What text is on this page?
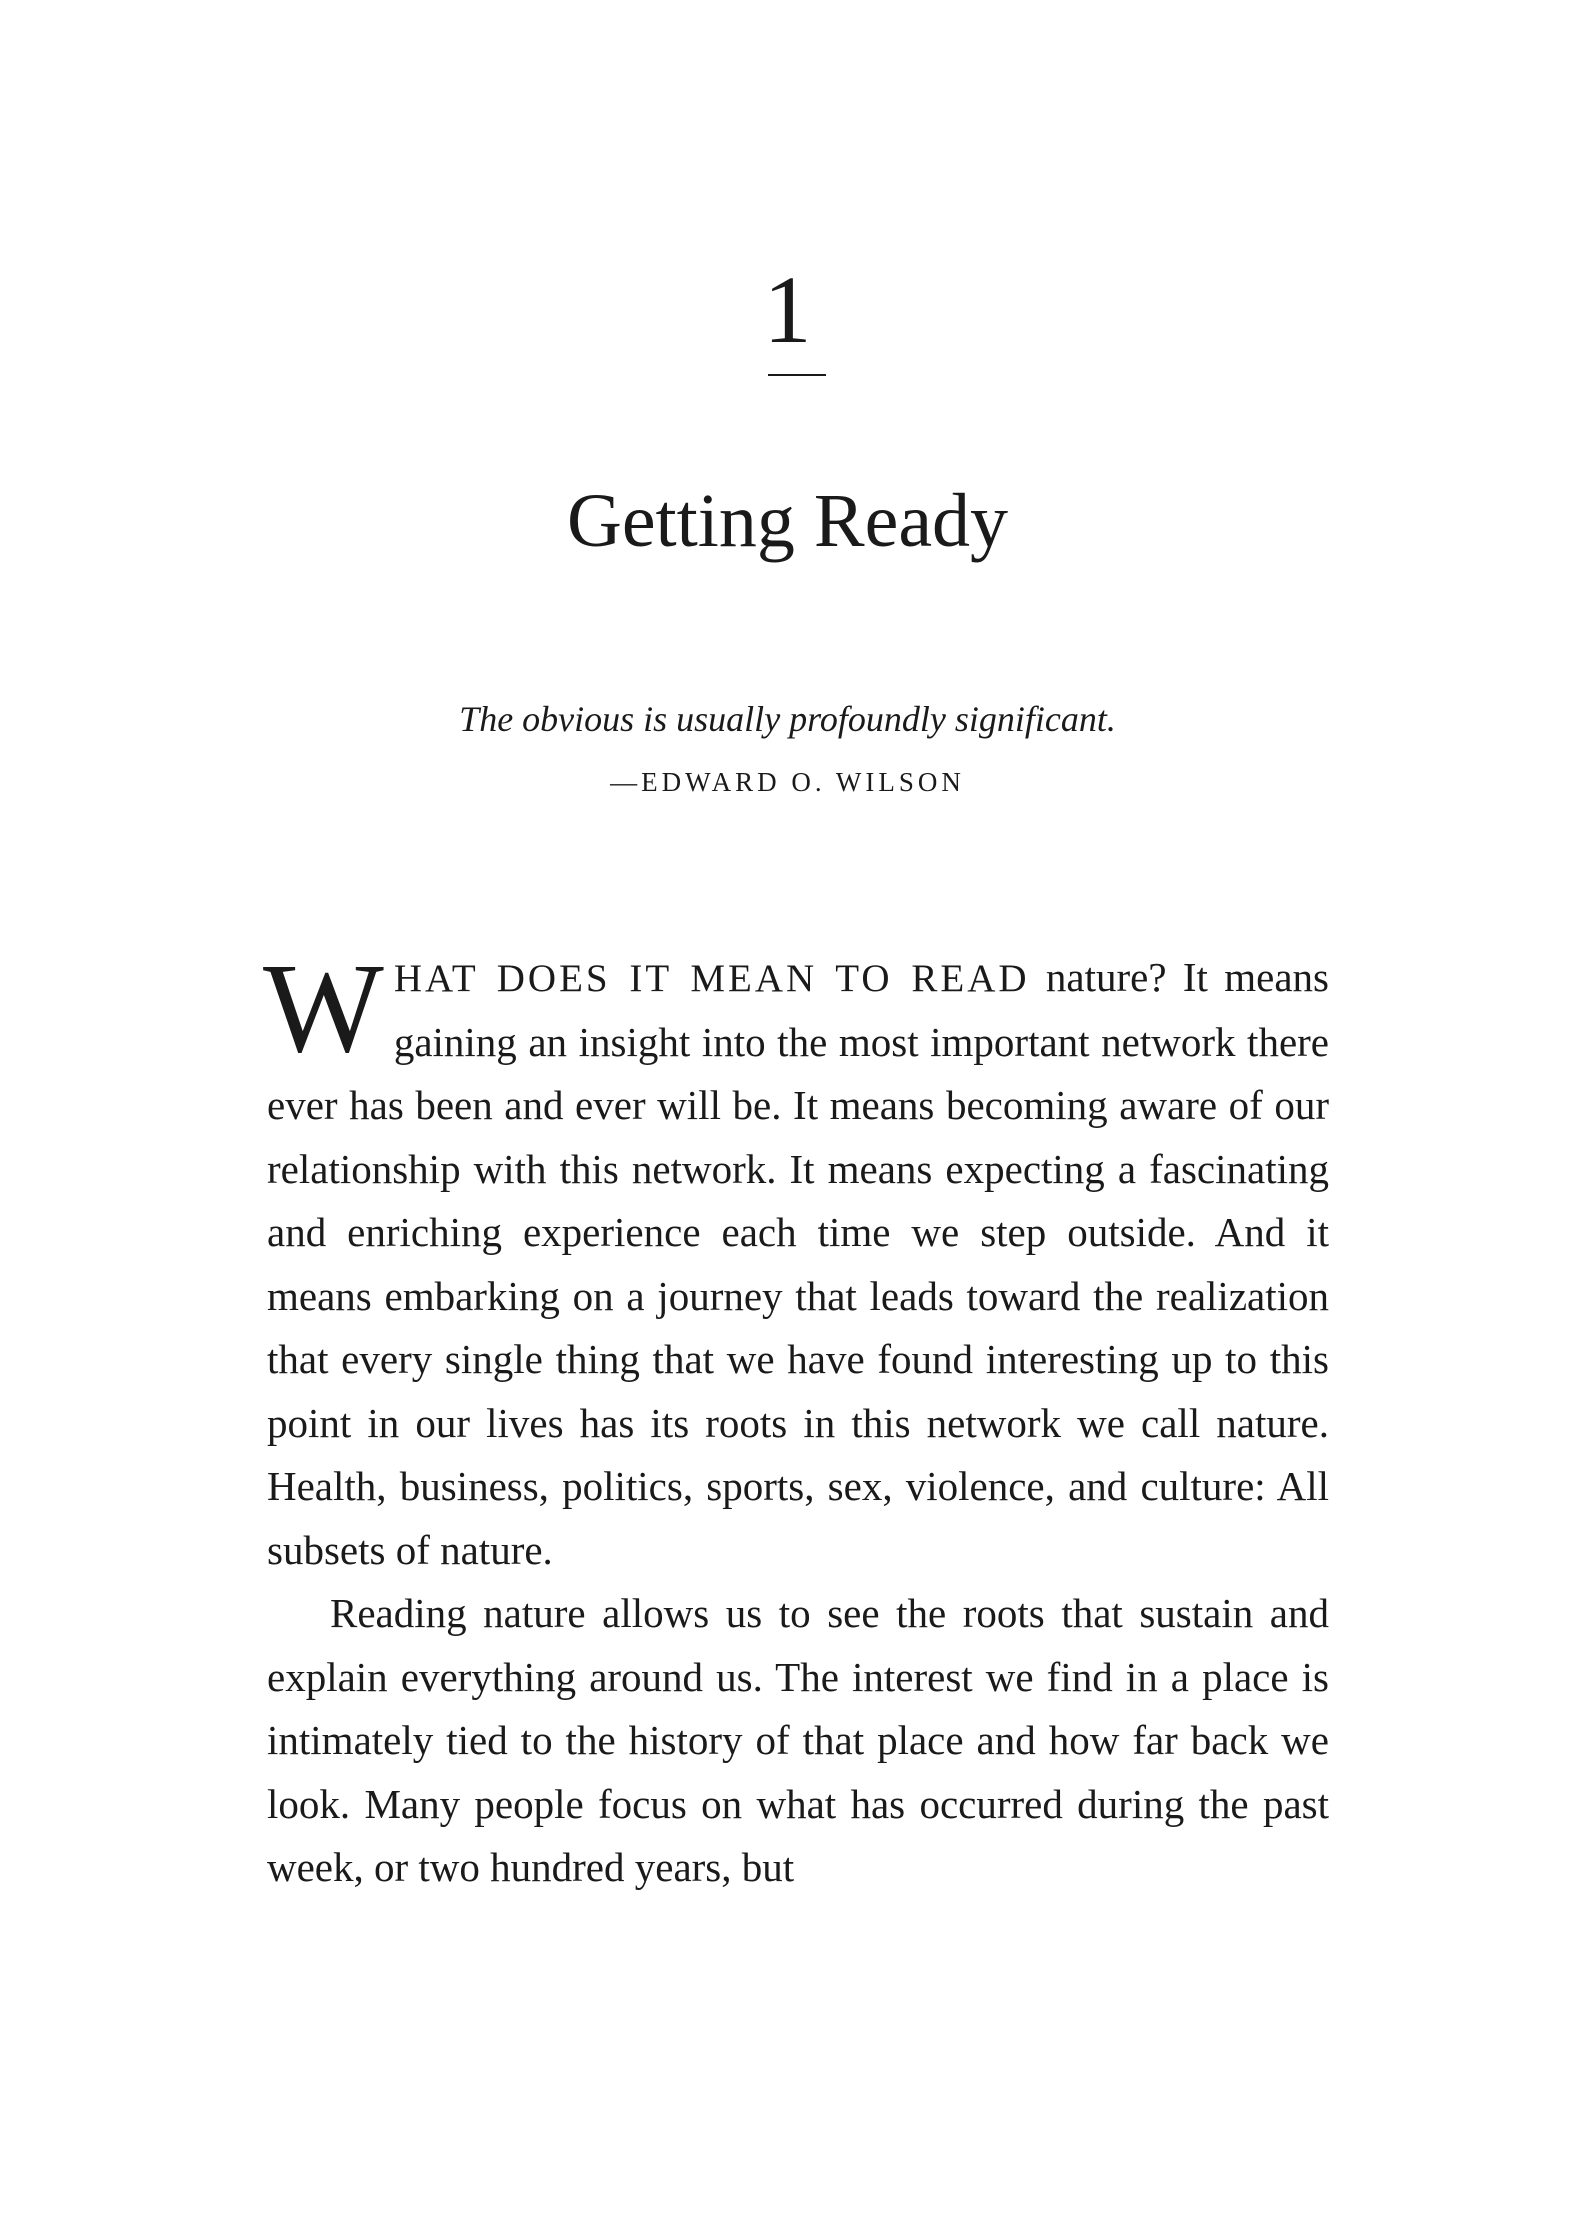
1
Getting Ready
The obvious is usually profoundly significant.
—EDWARD O. WILSON

WHAT DOES IT MEAN TO READ nature? It means gaining an insight into the most important network there ever has been and ever will be. It means becoming aware of our relationship with this network. It means expecting a fascinating and enriching experience each time we step outside. And it means embarking on a journey that leads toward the realization that every single thing that we have found interesting up to this point in our lives has its roots in this network we call nature. Health, business, politics, sports, sex, violence, and culture: All subsets of nature.

Reading nature allows us to see the roots that sustain and explain everything around us. The interest we find in a place is intimately tied to the history of that place and how far back we look. Many people focus on what has occurred during the past week, or two hundred years, but
